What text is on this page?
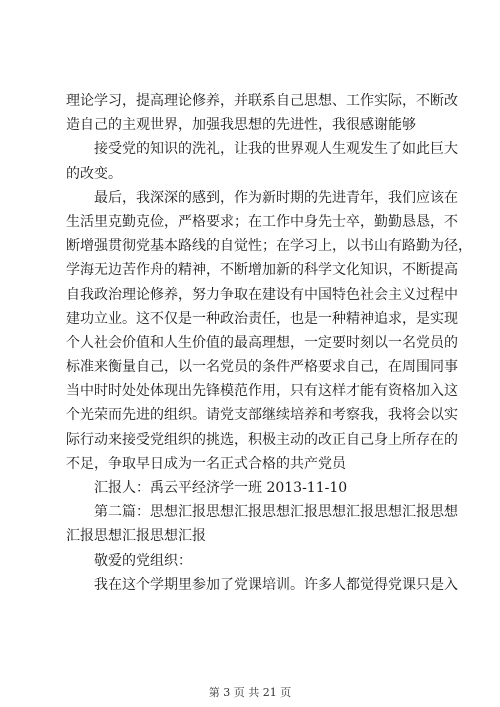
理论学习，提高理论修养，并联系自己思想、工作实际，不断改
造自己的主观世界，加强我思想的先进性，我很感谢能够
接受党的知识的洗礼，让我的世界观人生观发生了如此巨大
的改变。
最后，我深深的感到，作为新时期的先进青年，我们应该在
生活里克勤克俭，严格要求；在工作中身先士卒，勤勤恳恳，不
断增强贯彻党基本路线的自觉性；在学习上，以书山有路勤为径，
学海无边苦作舟的精神，不断增加新的科学文化知识，不断提高
自我政治理论修养，努力争取在建设有中国特色社会主义过程中
建功立业。这不仅是一种政治责任，也是一种精神追求，是实现
个人社会价值和人生价值的最高理想，一定要时刻以一名党员的
标准来衡量自己，以一名党员的条件严格要求自己，在周围同事
当中时时处处体现出先锋模范作用，只有这样才能有资格加入这
个光荣而先进的组织。请党支部继续培养和考察我，我将会以实
际行动来接受党组织的挑选，积极主动的改正自己身上所存在的
不足，争取早日成为一名正式合格的共产党员
汇报人：禹云平经济学一班 2013-11-10
第二篇：思想汇报思想汇报思想汇报思想汇报思想汇报思想
汇报思想汇报思想汇报
敬爱的党组织：
我在这个学期里参加了党课培训。许多人都觉得党课只是入
第 3 页 共 21 页
